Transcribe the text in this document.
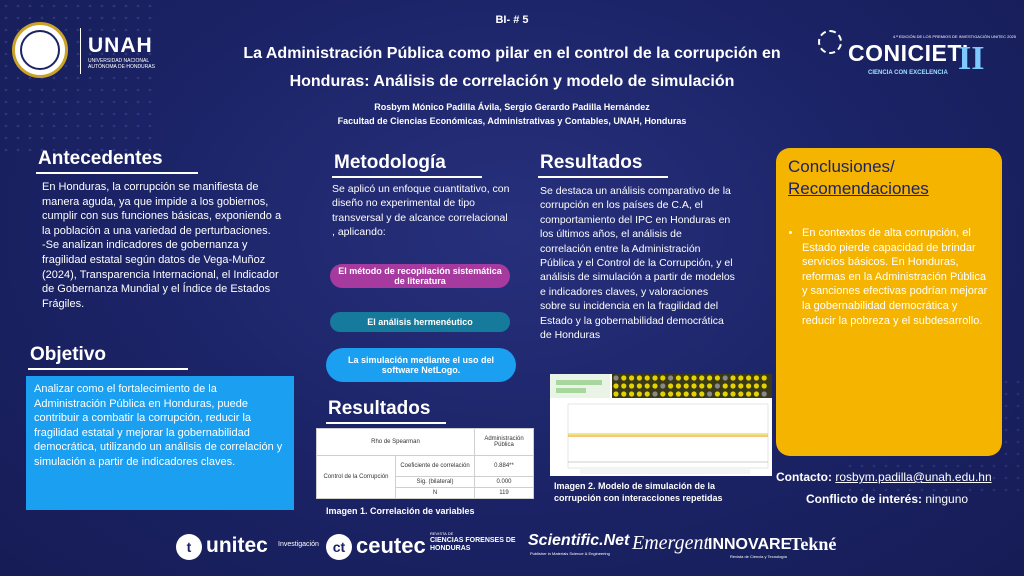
BI- # 5
La Administración Pública como pilar en el control de la corrupción en
Honduras: Análisis de correlación y modelo de simulación
Rosbym Mónico Padilla Ávila, Sergio Gerardo Padilla Hernández
Facultad de Ciencias Económicas, Administrativas y Contables, UNAH, Honduras
UNAH
UNIVERSIDAD NACIONAL AUTÓNOMA DE HONDURAS
4.ª EDICIÓN DE LOS PREMIOS DE INVESTIGACIÓN UNITEC 2025
CONICIETI
II
CIENCIA CON EXCELENCIA
Antecedentes
En Honduras, la corrupción se manifiesta de manera aguda, ya que impide a los gobiernos, cumplir con sus funciones básicas, exponiendo a la población a una variedad de perturbaciones.
-Se analizan indicadores de gobernanza y fragilidad estatal según datos de Vega-Muñoz (2024), Transparencia Internacional, el Indicador de Gobernanza Mundial y el Índice de Estados Frágiles.
Objetivo
Analizar como el fortalecimiento de la Administración Pública en Honduras, puede contribuir a combatir la corrupción, reducir la fragilidad estatal y mejorar la gobernabilidad democrática, utilizando un análisis de correlación y simulación a partir de indicadores claves.
Metodología
Se aplicó un enfoque cuantitativo, con diseño no experimental de tipo transversal y de alcance correlacional , aplicando:
El método de recopilación sistemática de literatura
El análisis hermenéutico
La simulación mediante el uso del software NetLogo.
Resultados
Rho de Spearman		Administración Pública
Control de la Corrupción	Coeficiente de correlación	0.884**
	Sig. (bilateral)	0.000
	N	119
Imagen 1. Correlación de variables
Resultados
Se destaca un análisis comparativo de la corrupción en los países de C.A, el comportamiento del IPC en Honduras en los últimos años, el análisis de correlación entre la Administración Pública y el Control de la Corrupción, y el análisis de simulación a partir de modelos e indicadores claves, y valoraciones sobre su incidencia en la fragilidad del Estado y la gobernabilidad democrática de Honduras
Imagen 2. Modelo de simulación de la corrupción con interacciones repetidas
Conclusiones/
Recomendaciones
• En contextos de alta corrupción, el Estado pierde capacidad de brindar servicios básicos. En Honduras, reformas en la Administración Pública y sanciones efectivas podrían mejorar la gobernabilidad democrática y reducir la pobreza y el subdesarrollo.
Contacto: rosbym.padilla@unah.edu.hn
Conflicto de interés: ninguno
t unitec Investigación ct ceutec REVISTA DE
CIENCIAS FORENSES DE HONDURAS	Scientific.Net
Publisher in Materials Science & Engineering Emergent
INNOVARE
Revista de Ciencia y Tecnología
Tekné
